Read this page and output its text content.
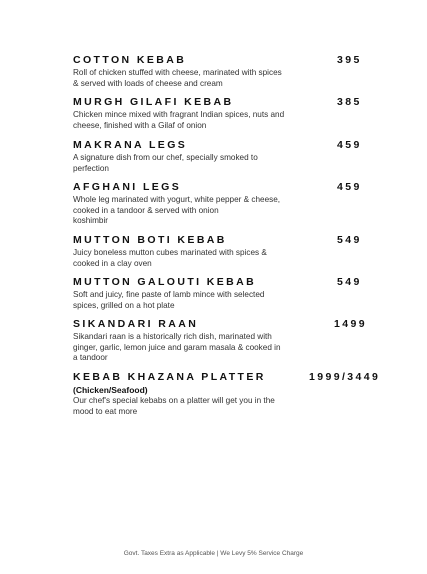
COTTON KEBAB	395
Roll of chicken stuffed with cheese, marinated with spices
& served with loads of cheese and cream
MURGH GILAFI KEBAB	385
Chicken mince mixed with fragrant Indian spices, nuts and
cheese, finished with a Gilaf of onion
MAKRANA LEGS	459
A signature dish from our chef, specially smoked to
perfection
AFGHANI LEGS	459
Whole leg marinated with yogurt, white pepper & cheese,
cooked in a tandoor & served with onion
koshimbir
MUTTON BOTI KEBAB	549
Juicy boneless mutton cubes marinated with spices &
cooked in a clay oven
MUTTON GALOUTI KEBAB	549
Soft and juicy, fine paste of lamb mince with selected
spices, grilled on a hot plate
SIKANDARI RAAN	1499
Sikandari raan is a historically rich dish, marinated with
ginger, garlic, lemon juice and garam masala & cooked in
a tandoor
KEBAB KHAZANA PLATTER	1999/3449
(Chicken/Seafood)
Our chef's special kebabs on a platter will get you in the
mood to eat more
Govt. Taxes Extra as Applicable | We Levy 5% Service Charge
